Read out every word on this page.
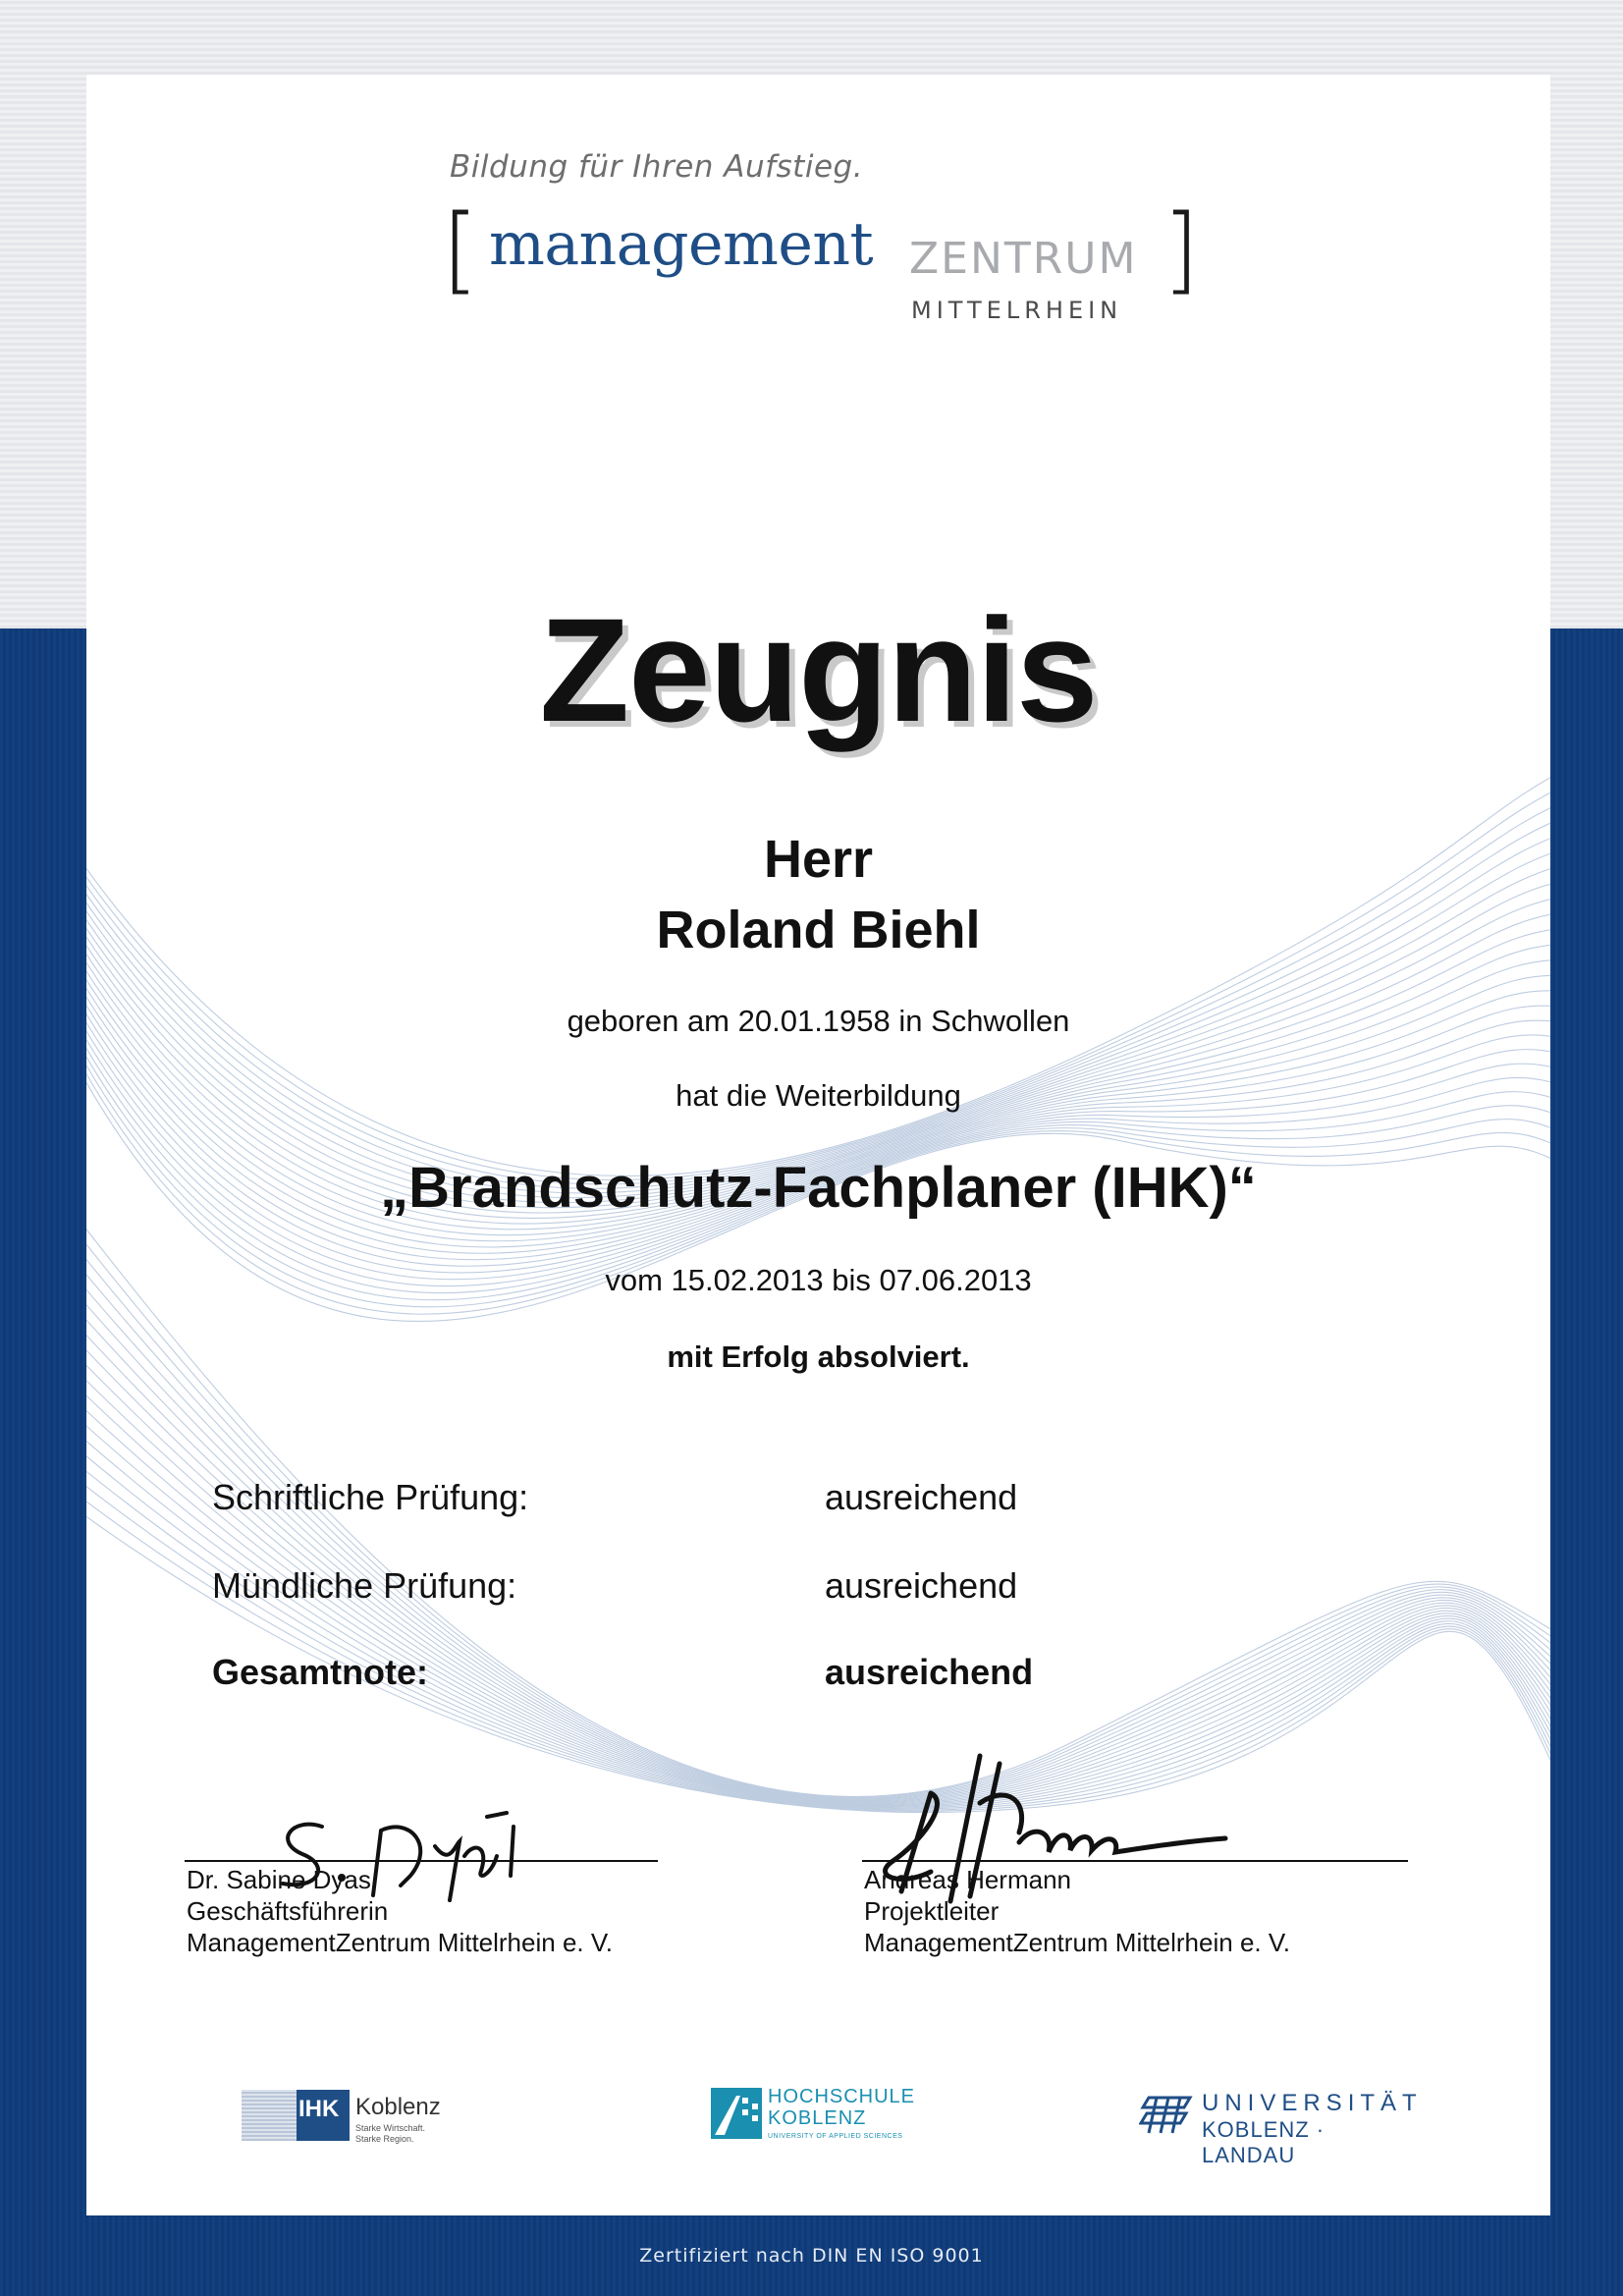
Bildung für Ihren Aufstieg.
[ management ZENTRUM ]
MITTELRHEIN
Zeugnis
Herr
Roland Biehl
geboren am 20.01.1958 in Schwollen
hat die Weiterbildung
„Brandschutz-Fachplaner (IHK)“
vom 15.02.2013 bis 07.06.2013
mit Erfolg absolviert.
Schriftliche Prüfung:	ausreichend
Mündliche Prüfung:	ausreichend
Gesamtnote:	ausreichend
Dr. Sabine Dyas
Geschäftsführerin
ManagementZentrum Mittelrhein e. V.
Andreas Hermann
Projektleiter
ManagementZentrum Mittelrhein e. V.
IHK Koblenz
Starke Wirtschaft.
Starke Region.
HOCHSCHULE
KOBLENZ
UNIVERSITY OF APPLIED SCIENCES
UNIVERSITÄT
KOBLENZ · LANDAU
Zertifiziert nach DIN EN ISO 9001
